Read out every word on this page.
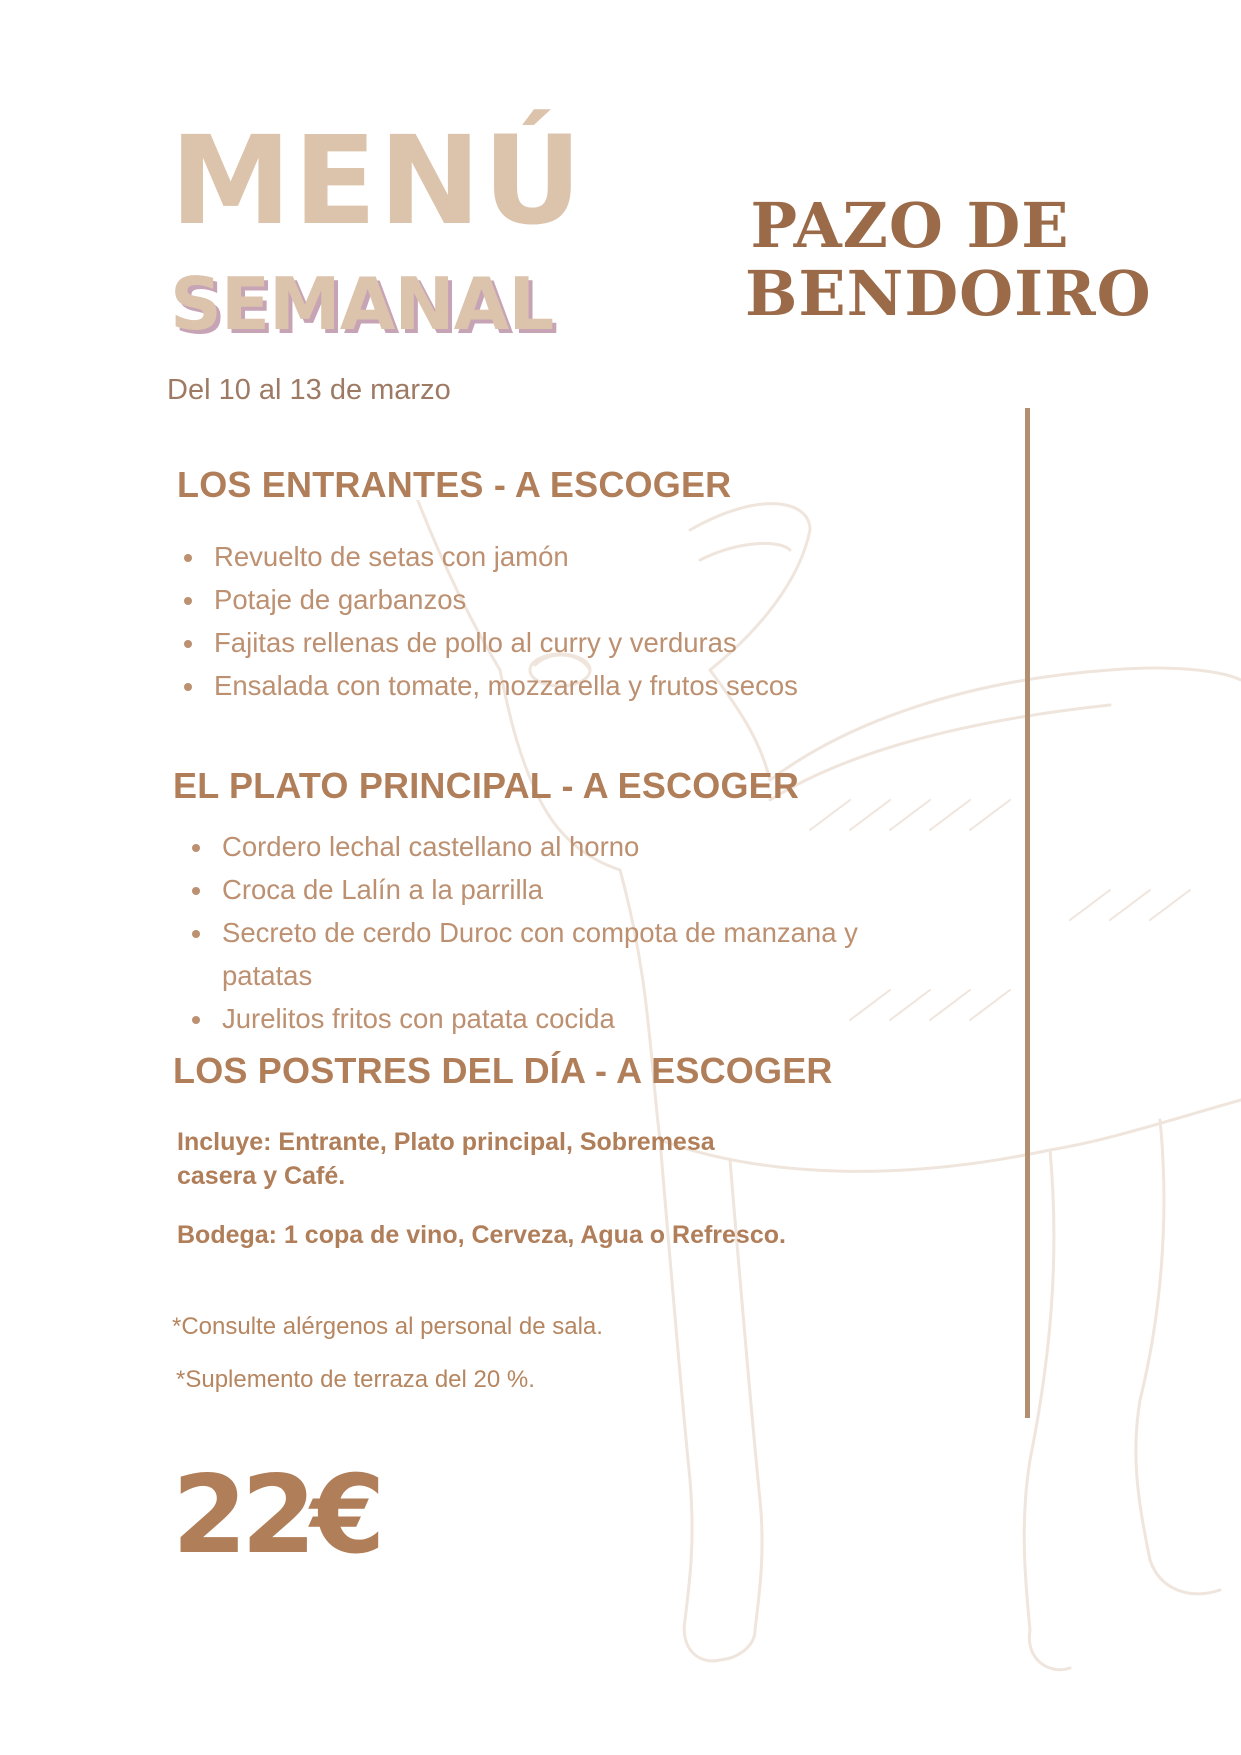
MENÚ
SEMANAL
PAZO DE
BENDOIRO
Del 10 al 13 de marzo
LOS ENTRANTES - A ESCOGER
Revuelto de setas con jamón
Potaje de garbanzos
Fajitas rellenas de pollo al curry y verduras
Ensalada con tomate, mozzarella y frutos secos
EL PLATO PRINCIPAL - A ESCOGER
Cordero lechal castellano al horno
Croca de Lalín a la parrilla
Secreto de cerdo Duroc con compota de manzana y patatas
Jurelitos fritos con patata cocida
LOS POSTRES DEL DÍA - A ESCOGER

Incluye: Entrante, Plato principal, Sobremesa casera y Café.

Bodega: 1 copa de vino, Cerveza, Agua o Refresco.

*Consulte alérgenos al personal de sala.

*Suplemento de terraza del 20 %.

22€
